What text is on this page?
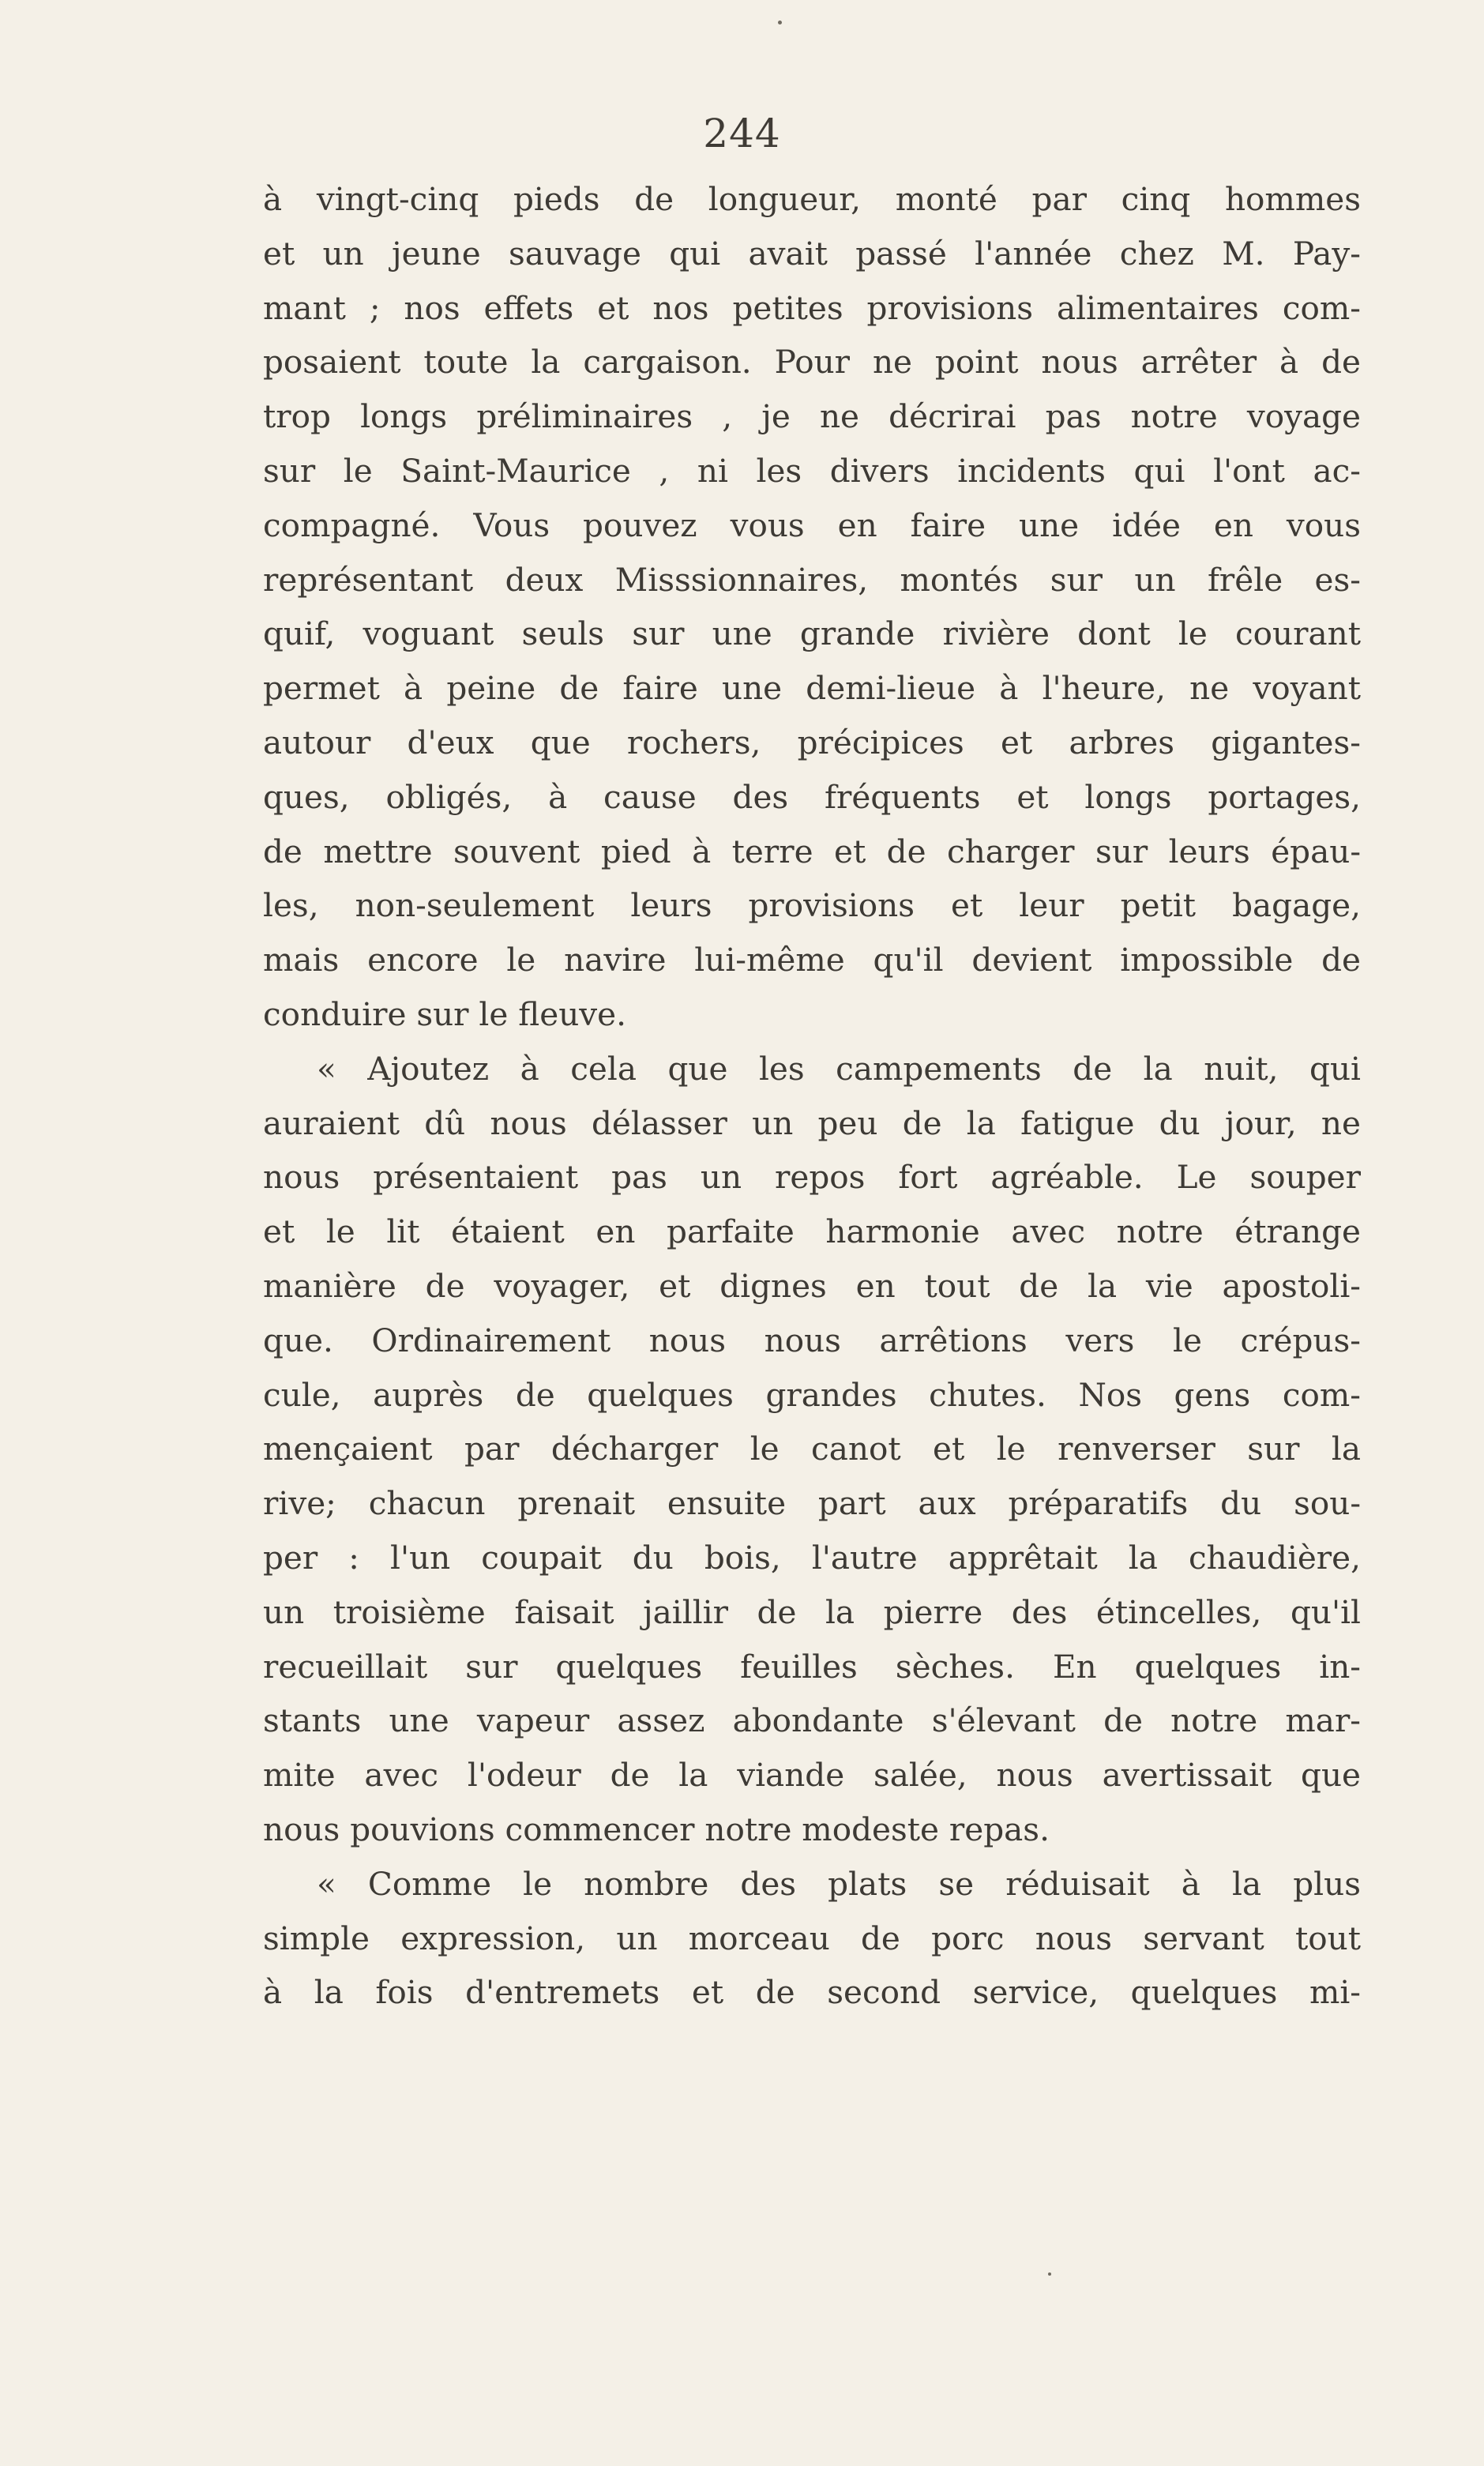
244
à vingt-cinq pieds de longueur, monté par cinq hommes
et un jeune sauvage qui avait passé l'année chez M. Pay-
mant ; nos effets et nos petites provisions alimentaires com-
posaient toute la cargaison. Pour ne point nous arrêter à de
trop longs préliminaires , je ne décrirai pas notre voyage
sur le Saint-Maurice , ni les divers incidents qui l'ont ac-
compagné. Vous pouvez vous en faire une idée en vous
représentant deux Misssionnaires, montés sur un frêle es-
quif, voguant seuls sur une grande rivière dont le courant
permet à peine de faire une demi-lieue à l'heure, ne voyant
autour d'eux que rochers, précipices et arbres gigantes-
ques, obligés, à cause des fréquents et longs portages,
de mettre souvent pied à terre et de charger sur leurs épau-
les, non-seulement leurs provisions et leur petit bagage,
mais encore le navire lui-même qu'il devient impossible de
conduire sur le fleuve.
« Ajoutez à cela que les campements de la nuit, qui
auraient dû nous délasser un peu de la fatigue du jour, ne
nous présentaient pas un repos fort agréable. Le souper
et le lit étaient en parfaite harmonie avec notre étrange
manière de voyager, et dignes en tout de la vie apostoli-
que. Ordinairement nous nous arrêtions vers le crépus-
cule, auprès de quelques grandes chutes. Nos gens com-
mençaient par décharger le canot et le renverser sur la
rive; chacun prenait ensuite part aux préparatifs du sou-
per : l'un coupait du bois, l'autre apprêtait la chaudière,
un troisième faisait jaillir de la pierre des étincelles, qu'il
recueillait sur quelques feuilles sèches. En quelques in-
stants une vapeur assez abondante s'élevant de notre mar-
mite avec l'odeur de la viande salée, nous avertissait que
nous pouvions commencer notre modeste repas.
« Comme le nombre des plats se réduisait à la plus
simple expression, un morceau de porc nous servant tout
à la fois d'entremets et de second service, quelques mi-
